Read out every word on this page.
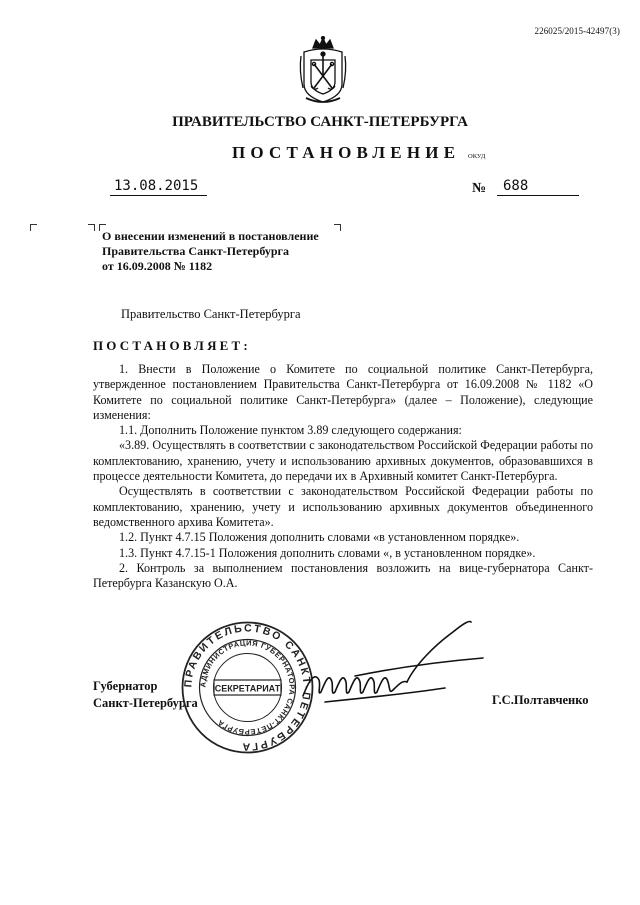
226025/2015-42497(3)
ПРАВИТЕЛЬСТВО САНКТ-ПЕТЕРБУРГА
ПОСТАНОВЛЕНИЕ ОКУД
13.08.2015	№	688
О внесении изменений в постановление
Правительства Санкт-Петербурга
от 16.09.2008 № 1182
Правительство Санкт-Петербурга
ПОСТАНОВЛЯЕТ:

1. Внести в Положение о Комитете по социальной политике Санкт-Петербурга, утвержденное постановлением Правительства Санкт-Петербурга от 16.09.2008 № 1182 «О Комитете по социальной политике Санкт-Петербурга» (далее – Положение), следующие изменения:

1.1. Дополнить Положение пунктом 3.89 следующего содержания:

«3.89. Осуществлять в соответствии с законодательством Российской Федерации работы по комплектованию, хранению, учету и использованию архивных документов, образовавшихся в процессе деятельности Комитета, до передачи их в Архивный комитет Санкт-Петербурга.

Осуществлять в соответствии с законодательством Российской Федерации работы по комплектованию, хранению, учету и использованию архивных документов объединенного ведомственного архива Комитета».

1.2. Пункт 4.7.15 Положения дополнить словами «в установленном порядке».

1.3. Пункт 4.7.15-1 Положения дополнить словами «, в установленном порядке».

2. Контроль за выполнением постановления возложить на вице-губернатора Санкт-Петербурга Казанскую О.А.

Губернатор
Санкт-Петербурга
ПРАВИТЕЛЬСТВО САНКТ-ПЕТЕРБУРГА
АДМИНИСТРАЦИЯ ГУБЕРНАТОРА САНКТ-ПЕТЕРБУРГА
СЕКРЕТАРИАТ
Г.С.Полтавченко
